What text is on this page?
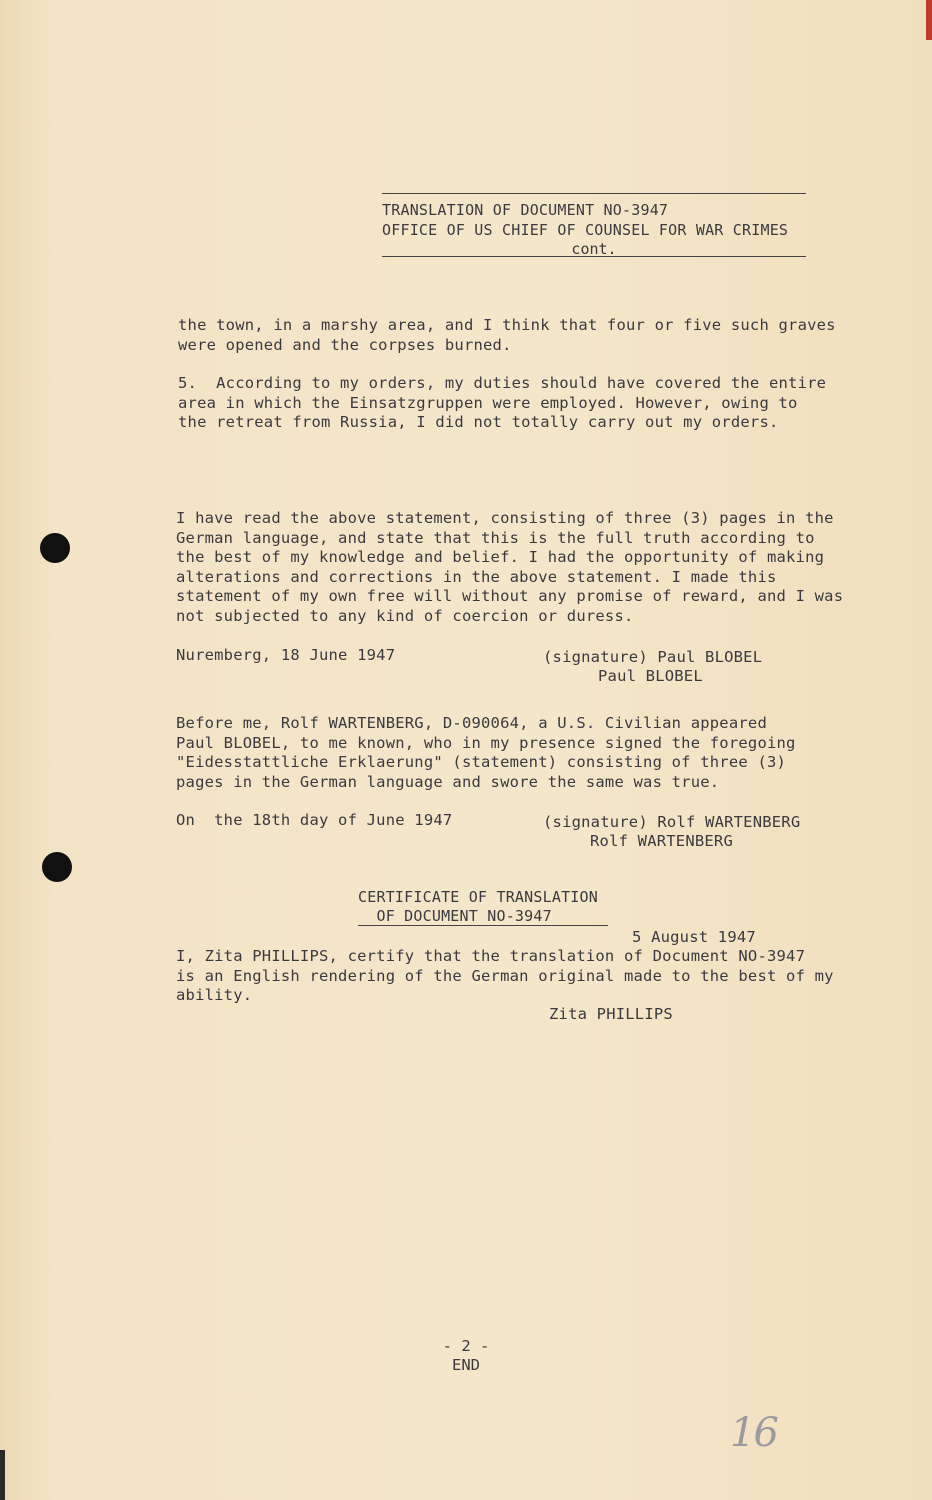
TRANSLATION OF DOCUMENT NO-3947
OFFICE OF US CHIEF OF COUNSEL FOR WAR CRIMES
cont.
the town, in a marshy area, and I think that four or five such graves
were opened and the corpses burned.
5.  According to my orders, my duties should have covered the entire
area in which the Einsatzgruppen were employed. However, owing to
the retreat from Russia, I did not totally carry out my orders.
I have read the above statement, consisting of three (3) pages in the
German language, and state that this is the full truth according to
the best of my knowledge and belief. I had the opportunity of making
alterations and corrections in the above statement. I made this
statement of my own free will without any promise of reward, and I was
not subjected to any kind of coercion or duress.
Nuremberg, 18 June 1947	(signature) Paul BLOBEL
Paul BLOBEL
Before me, Rolf WARTENBERG, D-090064, a U.S. Civilian appeared
Paul BLOBEL, to me known, who in my presence signed the foregoing
"Eidesstattliche Erklaerung" (statement) consisting of three (3)
pages in the German language and swore the same was true.
On  the 18th day of June 1947	(signature) Rolf WARTENBERG
Rolf WARTENBERG
CERTIFICATE OF TRANSLATION
OF DOCUMENT NO-3947
5 August 1947
I, Zita PHILLIPS, certify that the translation of Document NO-3947
is an English rendering of the German original made to the best of my
ability.
Zita PHILLIPS
- 2 -
END
16
